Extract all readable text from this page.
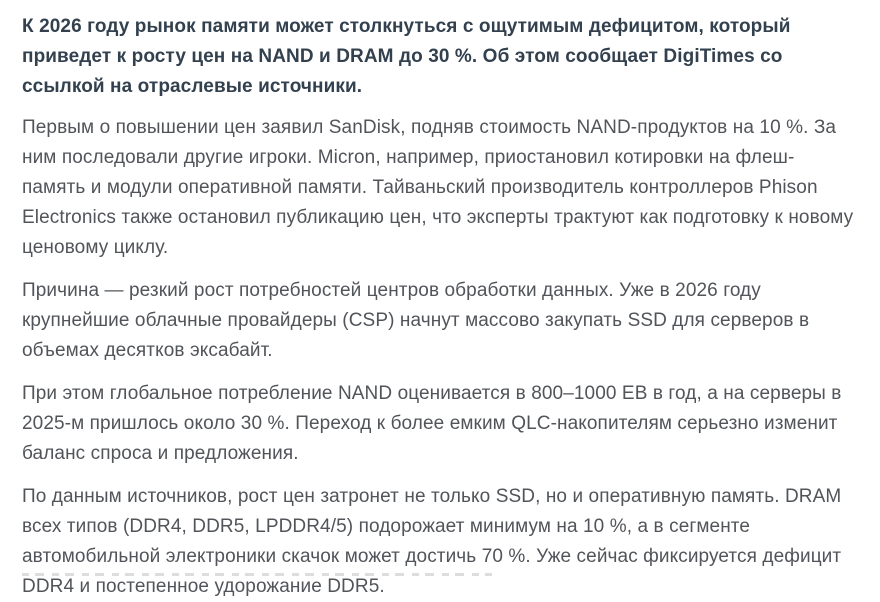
К 2026 году рынок памяти может столкнуться с ощутимым дефицитом, который приведет к росту цен на NAND и DRAM до 30 %. Об этом сообщает DigiTimes со ссылкой на отраслевые источники.

Первым о повышении цен заявил SanDisk, подняв стоимость NAND-продуктов на 10 %. За ним последовали другие игроки. Micron, например, приостановил котировки на флеш-память и модули оперативной памяти. Тайваньский производитель контроллеров Phison Electronics также остановил публикацию цен, что эксперты трактуют как подготовку к новому ценовому циклу.

Причина — резкий рост потребностей центров обработки данных. Уже в 2026 году крупнейшие облачные провайдеры (CSP) начнут массово закупать SSD для серверов в объемах десятков эксабайт.

При этом глобальное потребление NAND оценивается в 800–1000 EB в год, а на серверы в 2025-м пришлось около 30 %. Переход к более емким QLC-накопителям серьезно изменит баланс спроса и предложения.

По данным источников, рост цен затронет не только SSD, но и оперативную память. DRAM всех типов (DDR4, DDR5, LPDDR4/5) подорожает минимум на 10 %, а в сегменте автомобильной электроники скачок может достичь 70 %. Уже сейчас фиксируется дефицит DDR4 и постепенное удорожание DDR5.
